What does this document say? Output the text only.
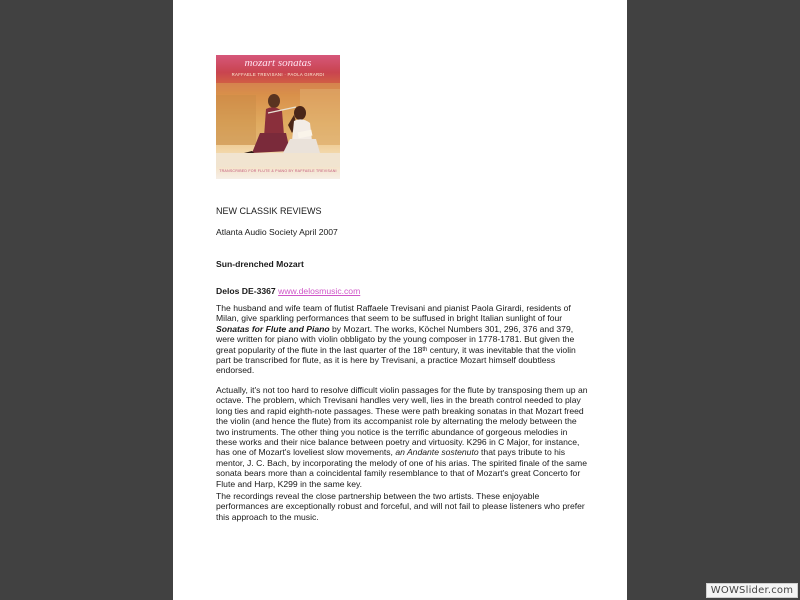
mozart sonatas
RAFFAELE TREVISANI · PAOLA GIRARDI
TRANSCRIBED FOR FLUTE & PIANO BY RAFFAELE TREVISANI
NEW CLASSIK REVIEWS
Atlanta Audio Society April 2007
Sun-drenched Mozart
Delos DE-3367 www.delosmusic.com

The husband and wife team of flutist Raffaele Trevisani and pianist Paola Girardi, residents of Milan, give sparkling performances that seem to be suffused in bright Italian sunlight of four Sonatas for Flute and Piano by Mozart. The works, Köchel Numbers 301, 296, 376 and 379, were written for piano with violin obbligato by the young composer in 1778-1781. But given the great popularity of the flute in the last quarter of the 18th century, it was inevitable that the violin part be transcribed for flute, as it is here by Trevisani, a practice Mozart himself doubtless endorsed.

Actually, it's not too hard to resolve difficult violin passages for the flute by transposing them up an octave. The problem, which Trevisani handles very well, lies in the breath control needed to play long ties and rapid eighth-note passages. These were path breaking sonatas in that Mozart freed the violin (and hence the flute) from its accompanist role by alternating the melody between the two instruments. The other thing you notice is the terrific abundance of gorgeous melodies in these works and their nice balance between poetry and virtuosity. K296 in C Major, for instance, has one of Mozart's loveliest slow movements, an Andante sostenuto that pays tribute to his mentor, J. C. Bach, by incorporating the melody of one of his arias. The spirited finale of the same sonata bears more than a coincidental family resemblance to that of Mozart's great Concerto for Flute and Harp, K299 in the same key.

The recordings reveal the close partnership between the two artists. These enjoyable performances are exceptionally robust and forceful, and will not fail to please listeners who prefer this approach to the music.

WOWSlider.com
